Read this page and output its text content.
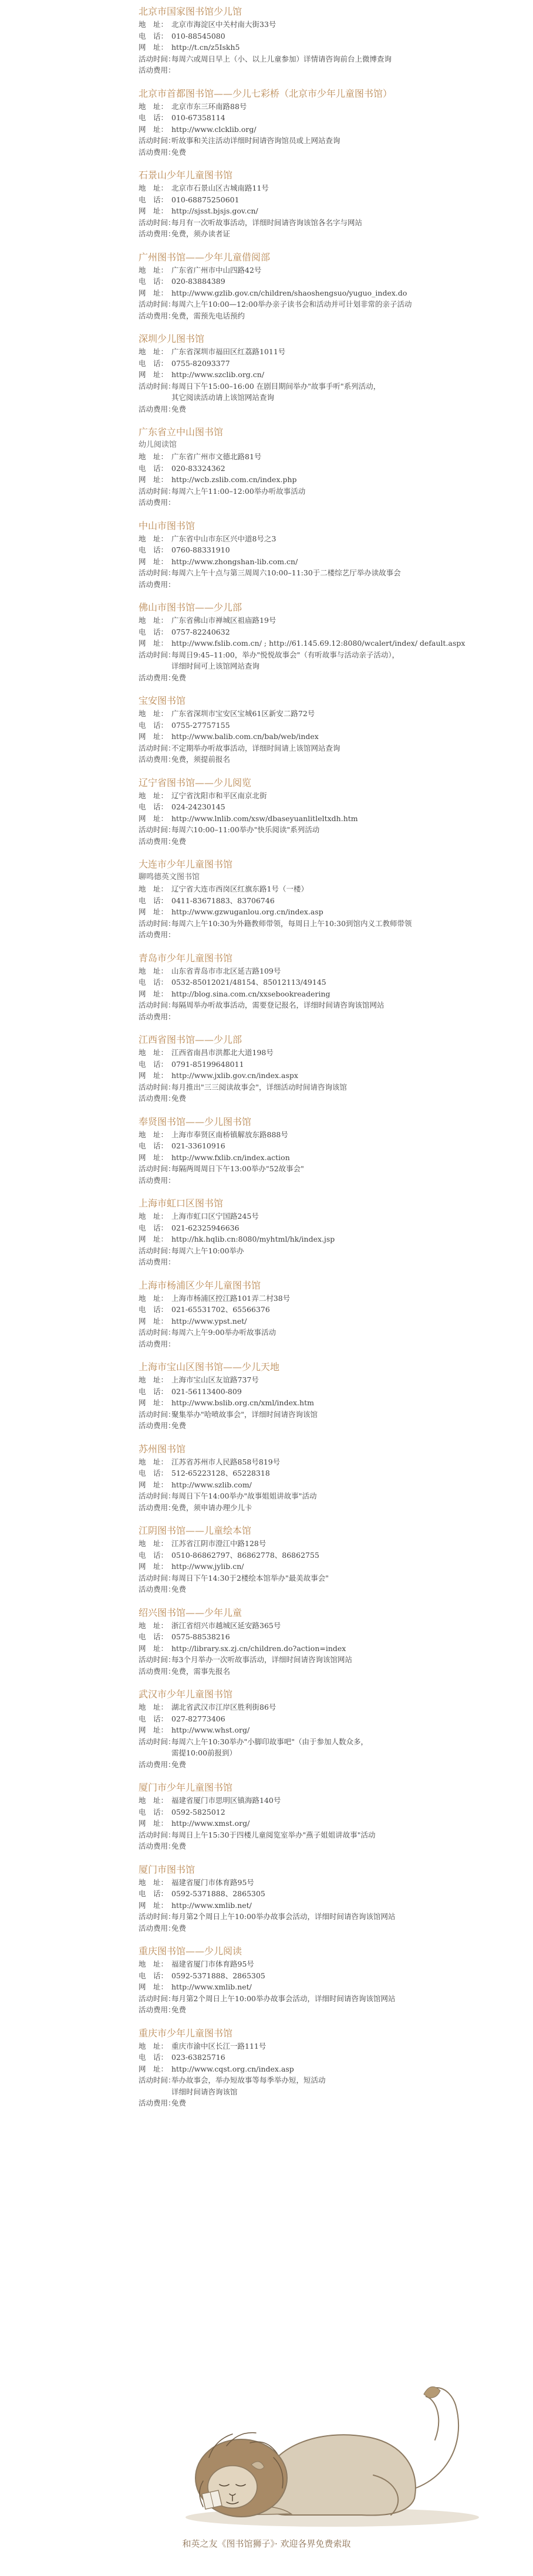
北京市国家图书馆少儿馆
地　址： 北京市海淀区中关村南大街33号
电　话： 010-88545080
网　址： http://t.cn/z5Iskh5
活动时间：每周六或周日早上（小、以上儿童参加）详情请咨询前台上微博查询
活动费用：
北京市首都图书馆——少儿七彩桥（北京市少年儿童图书馆）
地　址： 北京市东三环南路88号
电　话： 010-67358114
网　址： http://www.clcklib.org/
活动时间：听故事和关注活动详细时间请咨询馆员或上网站查询
活动费用：免费
石景山少年儿童图书馆
地　址： 北京市石景山区古城南路11号
电　话： 010-68875250601
网　址： http://sjsst.bjsjs.gov.cn/
活动时间：每月有一次听故事活动，详细时间请咨询该馆各名字与网站
活动费用：免费，须办读者证
广州图书馆——少年儿童借阅部
地　址： 广东省广州市中山四路42号
电　话： 020-83884389
网　址： http://www.gzlib.gov.cn/children/shaoshengsuo/yuguo_index.do
活动时间：每周六上午10:00—12:00举办亲子读书会和活动并可计划非常的亲子活动
活动费用：免费，需预先电话预约
深圳少儿图书馆
地　址： 广东省深圳市福田区红荔路1011号
电　话： 0755-82093377
网　址： http://www.szclib.org.cn/
活动时间：每周日下午15:00–16:00 在剧目期间举办"故事手听"系列活动，
其它阅读活动请上该馆网站查询
活动费用：免费
广东省立中山图书馆
幼儿阅读馆
地　址： 广东省广州市文德北路81号
电　话： 020-83324362
网　址： http://wcb.zslib.com.cn/index.php
活动时间：每周六上午11:00–12:00举办听故事活动
活动费用：
中山市图书馆
地　址： 广东省中山市东区兴中道8号之3
电　话： 0760-88331910
网　址： http://www.zhongshan-lib.com.cn/
活动时间：每周六上午十点与第三周周六10:00–11:30于二楼综艺厅举办读故事会
活动费用：
佛山市图书馆——少儿部
地　址： 广东省佛山市禅城区祖庙路19号
电　话： 0757-82240632
网　址： http://www.fslib.com.cn/ ; http://61.145.69.12:8080/wcalert/index/ default.aspx
活动时间：每周日9:45–11:00，举办"悦悦故事会"（有听故事与活动亲子活动），
详细时间可上该馆网站查询
活动费用：免费
宝安图书馆
地　址： 广东省深圳市宝安区宝城61区新安二路72号
电　话： 0755-27757155
网　址： http://www.balib.com.cn/bab/web/index
活动时间：不定期举办听故事活动，详细时间请上该馆网站查询
活动费用：免费，须提前报名
辽宁省图书馆——少儿阅览
地　址： 辽宁省沈阳市和平区南京北街
电　话： 024-24230145
网　址： http://www.lnlib.com/xsw/dbaseyuanlitleltxdh.htm
活动时间：每周六10:00–11:00举办"快乐阅读"系列活动
活动费用：免费
大连市少年儿童图书馆
聊鸣德英文图书馆
地　址： 辽宁省大连市西岗区红旗东路1号（一楼）
电　话： 0411-83671883、83706746
网　址： http://www.gzwuganlou.org.cn/index.asp
活动时间：每周六上午10:30为外籍教师带领，每周日上午10:30到馆内义工教师带领
活动费用：
青岛市少年儿童图书馆
地　址： 山东省青岛市市北区延吉路109号
电　话： 0532-85012021/48154、85012113/49145
网　址： http://blog.sina.com.cn/xxsebookreadering
活动时间：每隔周举办听故事活动，需要登记报名，详细时间请咨询该馆网站
活动费用：
江西省图书馆——少儿部
地　址： 江西省南昌市洪都北大道198号
电　话： 0791-85199648011
网　址： http://www.jxlib.gov.cn/index.aspx
活动时间：每月推出"三三阅读故事会"，详细活动时间请咨询该馆
活动费用：免费
奉贤图书馆——少儿图书馆
地　址： 上海市奉贤区南桥镇解放东路888号
电　话： 021-33610916
网　址： http://www.fxlib.cn/index.action
活动时间：每隔两周周日下午13:00举办"52故事会"
活动费用：
上海市虹口区图书馆
地　址： 上海市虹口区宁国路245号
电　话： 021-62325946636
网　址： http://hk.hqlib.cn:8080/myhtml/hk/index.jsp
活动时间：每周六上午10:00举办
活动费用：
上海市杨浦区少年儿童图书馆
地　址： 上海市杨浦区控江路101弄二村38号
电　话： 021-65531702、65566376
网　址： http://www.ypst.net/
活动时间：每周六上午9:00举办听故事活动
活动费用：
上海市宝山区图书馆——少儿天地
地　址： 上海市宝山区友谊路737号
电　话： 021-56113400-809
网　址： http://www.bslib.org.cn/xml/index.htm
活动时间：聚集举办"哈喷故事会"，详细时间请咨询该馆
活动费用：免费
苏州图书馆
地　址： 江苏省苏州市人民路858号819号
电　话： 512-65223128、65228318
网　址： http://www.szlib.com/
活动时间：每周日下午14:00举办"故事姐姐讲故事"活动
活动费用：免费，须申请办理少儿卡
江阴图书馆——儿童绘本馆
地　址： 江苏省江阴市澄江中路128号
电　话： 0510-86862797、86862778、86862755
网　址： http://www.jylib.cn/
活动时间：每周日下午14:30于2楼绘本馆举办"最美故事会"
活动费用：免费
绍兴图书馆——少年儿童
地　址： 浙江省绍兴市越城区延安路365号
电　话： 0575-88538216
网　址： http://library.sx.zj.cn/children.do?action=index
活动时间：每3个月举办一次听故事活动，详细时间请咨询该馆网站
活动费用：免费，需事先报名
武汉市少年儿童图书馆
地　址： 湖北省武汉市江岸区胜利街86号
电　话： 027-82773406
网　址： http://www.whst.org/
活动时间：每周六上午10:30举办"小脚印故事吧"（由于参加人数众多，
需提10:00前报到）
活动费用：免费
厦门市少年儿童图书馆
地　址： 福建省厦门市思明区镇海路140号
电　话： 0592-5825012
网　址： http://www.xmst.org/
活动时间：每周日上午15:30于四楼儿童阅览室举办"燕子姐姐讲故事"活动
活动费用：免费
厦门市图书馆
地　址： 福建省厦门市体育路95号
电　话： 0592-5371888、2865305
网　址： http://www.xmlib.net/
活动时间：每月第2个周日上午10:00举办故事会活动，详细时间请咨询该馆网站
活动费用：免费
重庆图书馆——少儿阅读
地　址： 福建省厦门市体育路95号
电　话： 0592-5371888、2865305
网　址： http://www.xmlib.net/
活动时间：每月第2个周日上午10:00举办故事会活动，详细时间请咨询该馆网站
活动费用：免费
重庆市少年儿童图书馆
地　址： 重庆市渝中区长江一路111号
电　话： 023-63825716
网　址： http://www.cqst.org.cn/index.asp
活动时间：举办故事会，举办短故事等每季举办短，短活动
详细时间请咨询该馆
活动费用：免费
和英之友《图书馆狮子》· 欢迎各界免费索取
